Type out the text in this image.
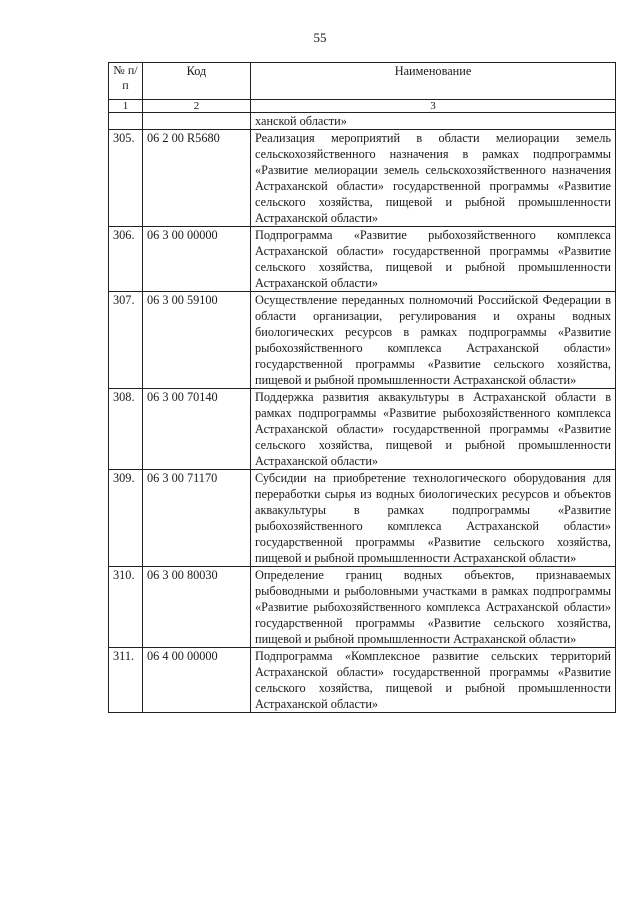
55
№ п/п	Код	Наименование
1	2	3
		ханской области»
305.	06 2 00 R5680	Реализация мероприятий в области мелиорации земель сельскохозяйственного назначения в рамках подпрограммы «Развитие мелиорации земель сельскохозяйственного назначения Астраханской области» государственной программы «Развитие сельского хозяйства, пищевой и рыбной промышленности Астраханской области»
306.	06 3 00 00000	Подпрограмма «Развитие рыбохозяйственного комплекса Астраханской области» государственной программы «Развитие сельского хозяйства, пищевой и рыбной промышленности Астраханской области»
307.	06 3 00 59100	Осуществление переданных полномочий Российской Федерации в области организации, регулирования и охраны водных биологических ресурсов в рамках подпрограммы «Развитие рыбохозяйственного комплекса Астраханской области» государственной программы «Развитие сельского хозяйства, пищевой и рыбной промышленности Астраханской области»
308.	06 3 00 70140	Поддержка развития аквакультуры в Астраханской области в рамках подпрограммы «Развитие рыбохозяйственного комплекса Астраханской области» государственной программы «Развитие сельского хозяйства, пищевой и рыбной промышленности Астраханской области»
309.	06 3 00 71170	Субсидии на приобретение технологического оборудования для переработки сырья из водных биологических ресурсов и объектов аквакультуры в рамках подпрограммы «Развитие рыбохозяйственного комплекса Астраханской области» государственной программы «Развитие сельского хозяйства, пищевой и рыбной промышленности Астраханской области»
310.	06 3 00 80030	Определение границ водных объектов, признаваемых рыбоводными и рыболовными участками в рамках подпрограммы «Развитие рыбохозяйственного комплекса Астраханской области» государственной программы «Развитие сельского хозяйства, пищевой и рыбной промышленности Астраханской области»
311.	06 4 00 00000	Подпрограмма «Комплексное развитие сельских территорий Астраханской области» государственной программы «Развитие сельского хозяйства, пищевой и рыбной промышленности Астраханской области»
